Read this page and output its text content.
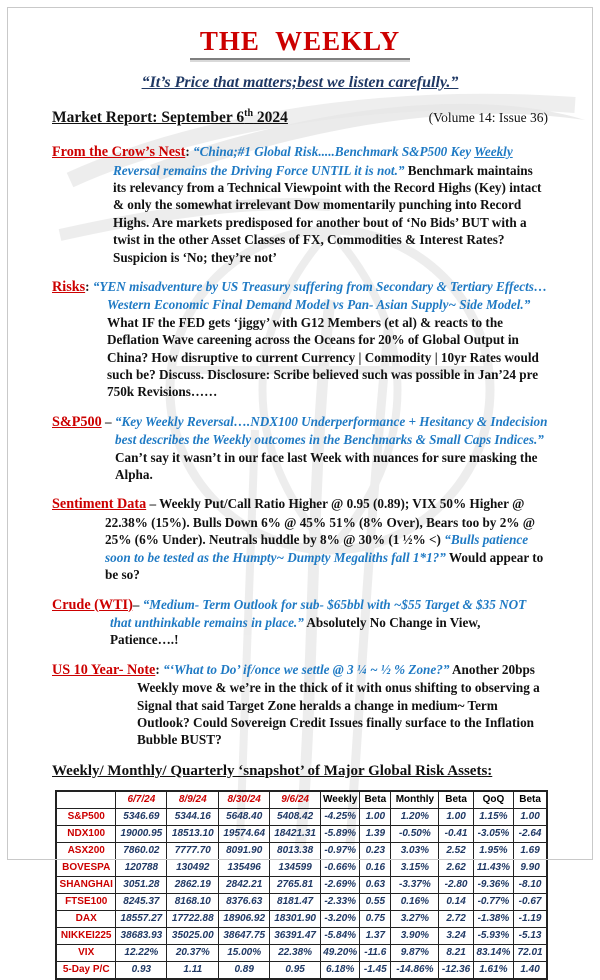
THE WEEKLY
“It’s Price that matters;best we listen carefully.”
Market Report: September 6th 2024	(Volume 14: Issue 36)

From the Crow’s Nest: “China;#1 Global Risk.....Benchmark S&P500 Key Weekly Reversal remains the Driving Force UNTIL it is not.” Benchmark maintains its relevancy from a Technical Viewpoint with the Record Highs (Key) intact & only the somewhat irrelevant Dow momentarily punching into Record Highs. Are markets predisposed for another bout of ‘No Bids’ BUT with a twist in the other Asset Classes of FX, Commodities & Interest Rates? Suspicion is ‘No; they’re not’

Risks: “YEN misadventure by US Treasury suffering from Secondary & Tertiary Effects… Western Economic Final Demand Model vs Pan- Asian Supply~ Side Model.” What IF the FED gets ‘jiggy’ with G12 Members (et al) & reacts to the Deflation Wave careening across the Oceans for 20% of Global Output in China? How disruptive to current Currency | Commodity | 10yr Rates would such be? Discuss. Disclosure: Scribe believed such was possible in Jan’24 pre 750k Revisions……

S&P500 – “Key Weekly Reversal….NDX100 Underperformance + Hesitancy & Indecision best describes the Weekly outcomes in the Benchmarks & Small Caps Indices.” Can’t say it wasn’t in our face last Week with nuances for sure masking the Alpha.

Sentiment Data – Weekly Put/Call Ratio Higher @ 0.95 (0.89); VIX 50% Higher @ 22.38% (15%). Bulls Down 6% @ 45% 51% (8% Over), Bears too by 2% @ 25% (6% Under). Neutrals huddle by 8% @ 30% (1 ½% <) “Bulls patience soon to be tested as the Humpty~ Dumpty Megaliths fall 1*1?” Would appear to be so?

Crude (WTI)– “Medium- Term Outlook for sub- $65bbl with ~$55 Target & $35 NOT that unthinkable remains in place.” Absolutely No Change in View, Patience….!

US 10 Year- Note: “‘What to Do’ if/once we settle @ 3 ¼ ~ ½ % Zone?” Another 20bps Weekly move & we’re in the thick of it with onus shifting to observing a Signal that said Target Zone heralds a change in medium~ Term Outlook? Could Sovereign Credit Issues finally surface to the Inflation Bubble BUST?

Weekly/ Monthly/ Quarterly ‘snapshot’ of Major Global Risk Assets:
	6/7/24	8/9/24	8/30/24	9/6/24	Weekly	Beta	Monthly	Beta	QoQ	Beta
S&P500	5346.69	5344.16	5648.40	5408.42	-4.25%	1.00	1.20%	1.00	1.15%	1.00
NDX100	19000.95	18513.10	19574.64	18421.31	-5.89%	1.39	-0.50%	-0.41	-3.05%	-2.64
ASX200	7860.02	7777.70	8091.90	8013.38	-0.97%	0.23	3.03%	2.52	1.95%	1.69
BOVESPA	120788	130492	135496	134599	-0.66%	0.16	3.15%	2.62	11.43%	9.90
SHANGHAI	3051.28	2862.19	2842.21	2765.81	-2.69%	0.63	-3.37%	-2.80	-9.36%	-8.10
FTSE100	8245.37	8168.10	8376.63	8181.47	-2.33%	0.55	0.16%	0.14	-0.77%	-0.67
DAX	18557.27	17722.88	18906.92	18301.90	-3.20%	0.75	3.27%	2.72	-1.38%	-1.19
NIKKEI225	38683.93	35025.00	38647.75	36391.47	-5.84%	1.37	3.90%	3.24	-5.93%	-5.13
VIX	12.22%	20.37%	15.00%	22.38%	49.20%	-11.6	9.87%	8.21	83.14%	72.01
5-Day P/C	0.93	1.11	0.89	0.95	6.18%	-1.45	-14.86%	-12.36	1.61%	1.40
